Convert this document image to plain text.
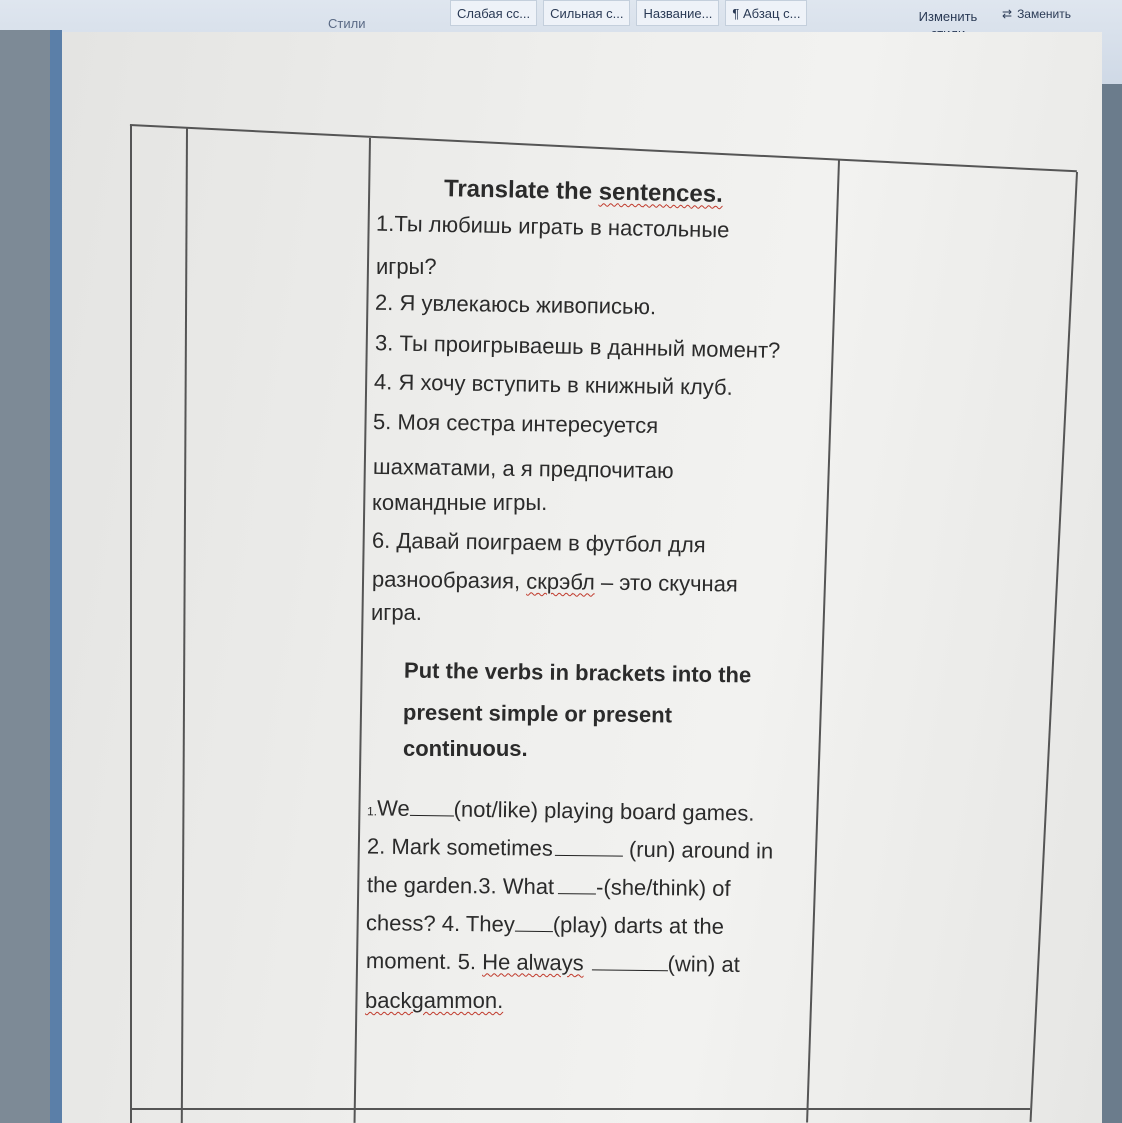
Слабая сс...	Сильная с...	Название...	¶ Абзац с...
Стили	Изменить	⇄ Заменить
Translate the sentences.
1.Ты любишь играть в настольные
игры?
2. Я увлекаюсь живописью.
3. Ты проигрываешь в данный момент?
4. Я хочу вступить в книжный клуб.
5. Моя сестра интересуется
шахматами, а я предпочитаю
командные игры.
6. Давай поиграем в футбол для
разнообразия, скрэбл – это скучная
игра.
Put the verbs in brackets into the
present simple or present
continuous.
1.We (not/like) playing board games.
2. Mark sometimes	(run) around in
the garden.3. What -(she/think) of
chess? 4. They (play) darts at the
moment. 5. He always	(win) at
backgammon.
